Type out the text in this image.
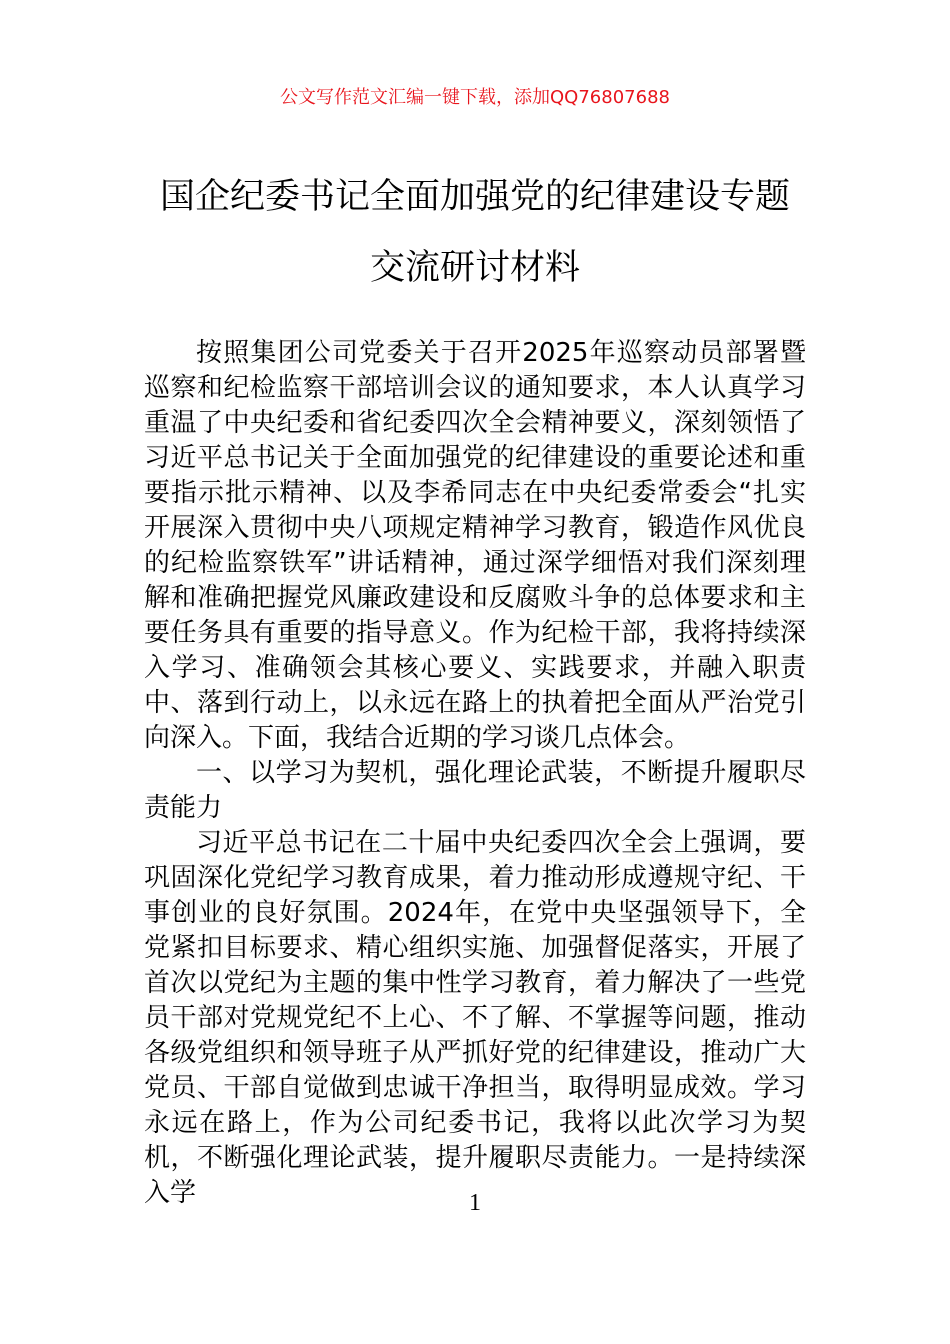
公文写作范文汇编一键下载，添加QQ76807688
国企纪委书记全面加强党的纪律建设专题
交流研讨材料

按照集团公司党委关于召开2025年巡察动员部署暨巡察和纪检监察干部培训会议的通知要求，本人认真学习重温了中央纪委和省纪委四次全会精神要义，深刻领悟了习近平总书记关于全面加强党的纪律建设的重要论述和重要指示批示精神、以及李希同志在中央纪委常委会“扎实开展深入贯彻中央八项规定精神学习教育，锻造作风优良的纪检监察铁军”讲话精神，通过深学细悟对我们深刻理解和准确把握党风廉政建设和反腐败斗争的总体要求和主要任务具有重要的指导意义。作为纪检干部，我将持续深入学习、准确领会其核心要义、实践要求，并融入职责中、落到行动上，以永远在路上的执着把全面从严治党引向深入。下面，我结合近期的学习谈几点体会。

一、以学习为契机，强化理论武装，不断提升履职尽责能力

习近平总书记在二十届中央纪委四次全会上强调，要巩固深化党纪学习教育成果，着力推动形成遵规守纪、干事创业的良好氛围。2024年，在党中央坚强领导下，全党紧扣目标要求、精心组织实施、加强督促落实，开展了首次以党纪为主题的集中性学习教育，着力解决了一些党员干部对党规党纪不上心、不了解、不掌握等问题，推动各级党组织和领导班子从严抓好党的纪律建设，推动广大党员、干部自觉做到忠诚干净担当，取得明显成效。学习永远在路上，作为公司纪委书记，我将以此次学习为契机，不断强化理论武装，提升履职尽责能力。一是持续深入学	1
